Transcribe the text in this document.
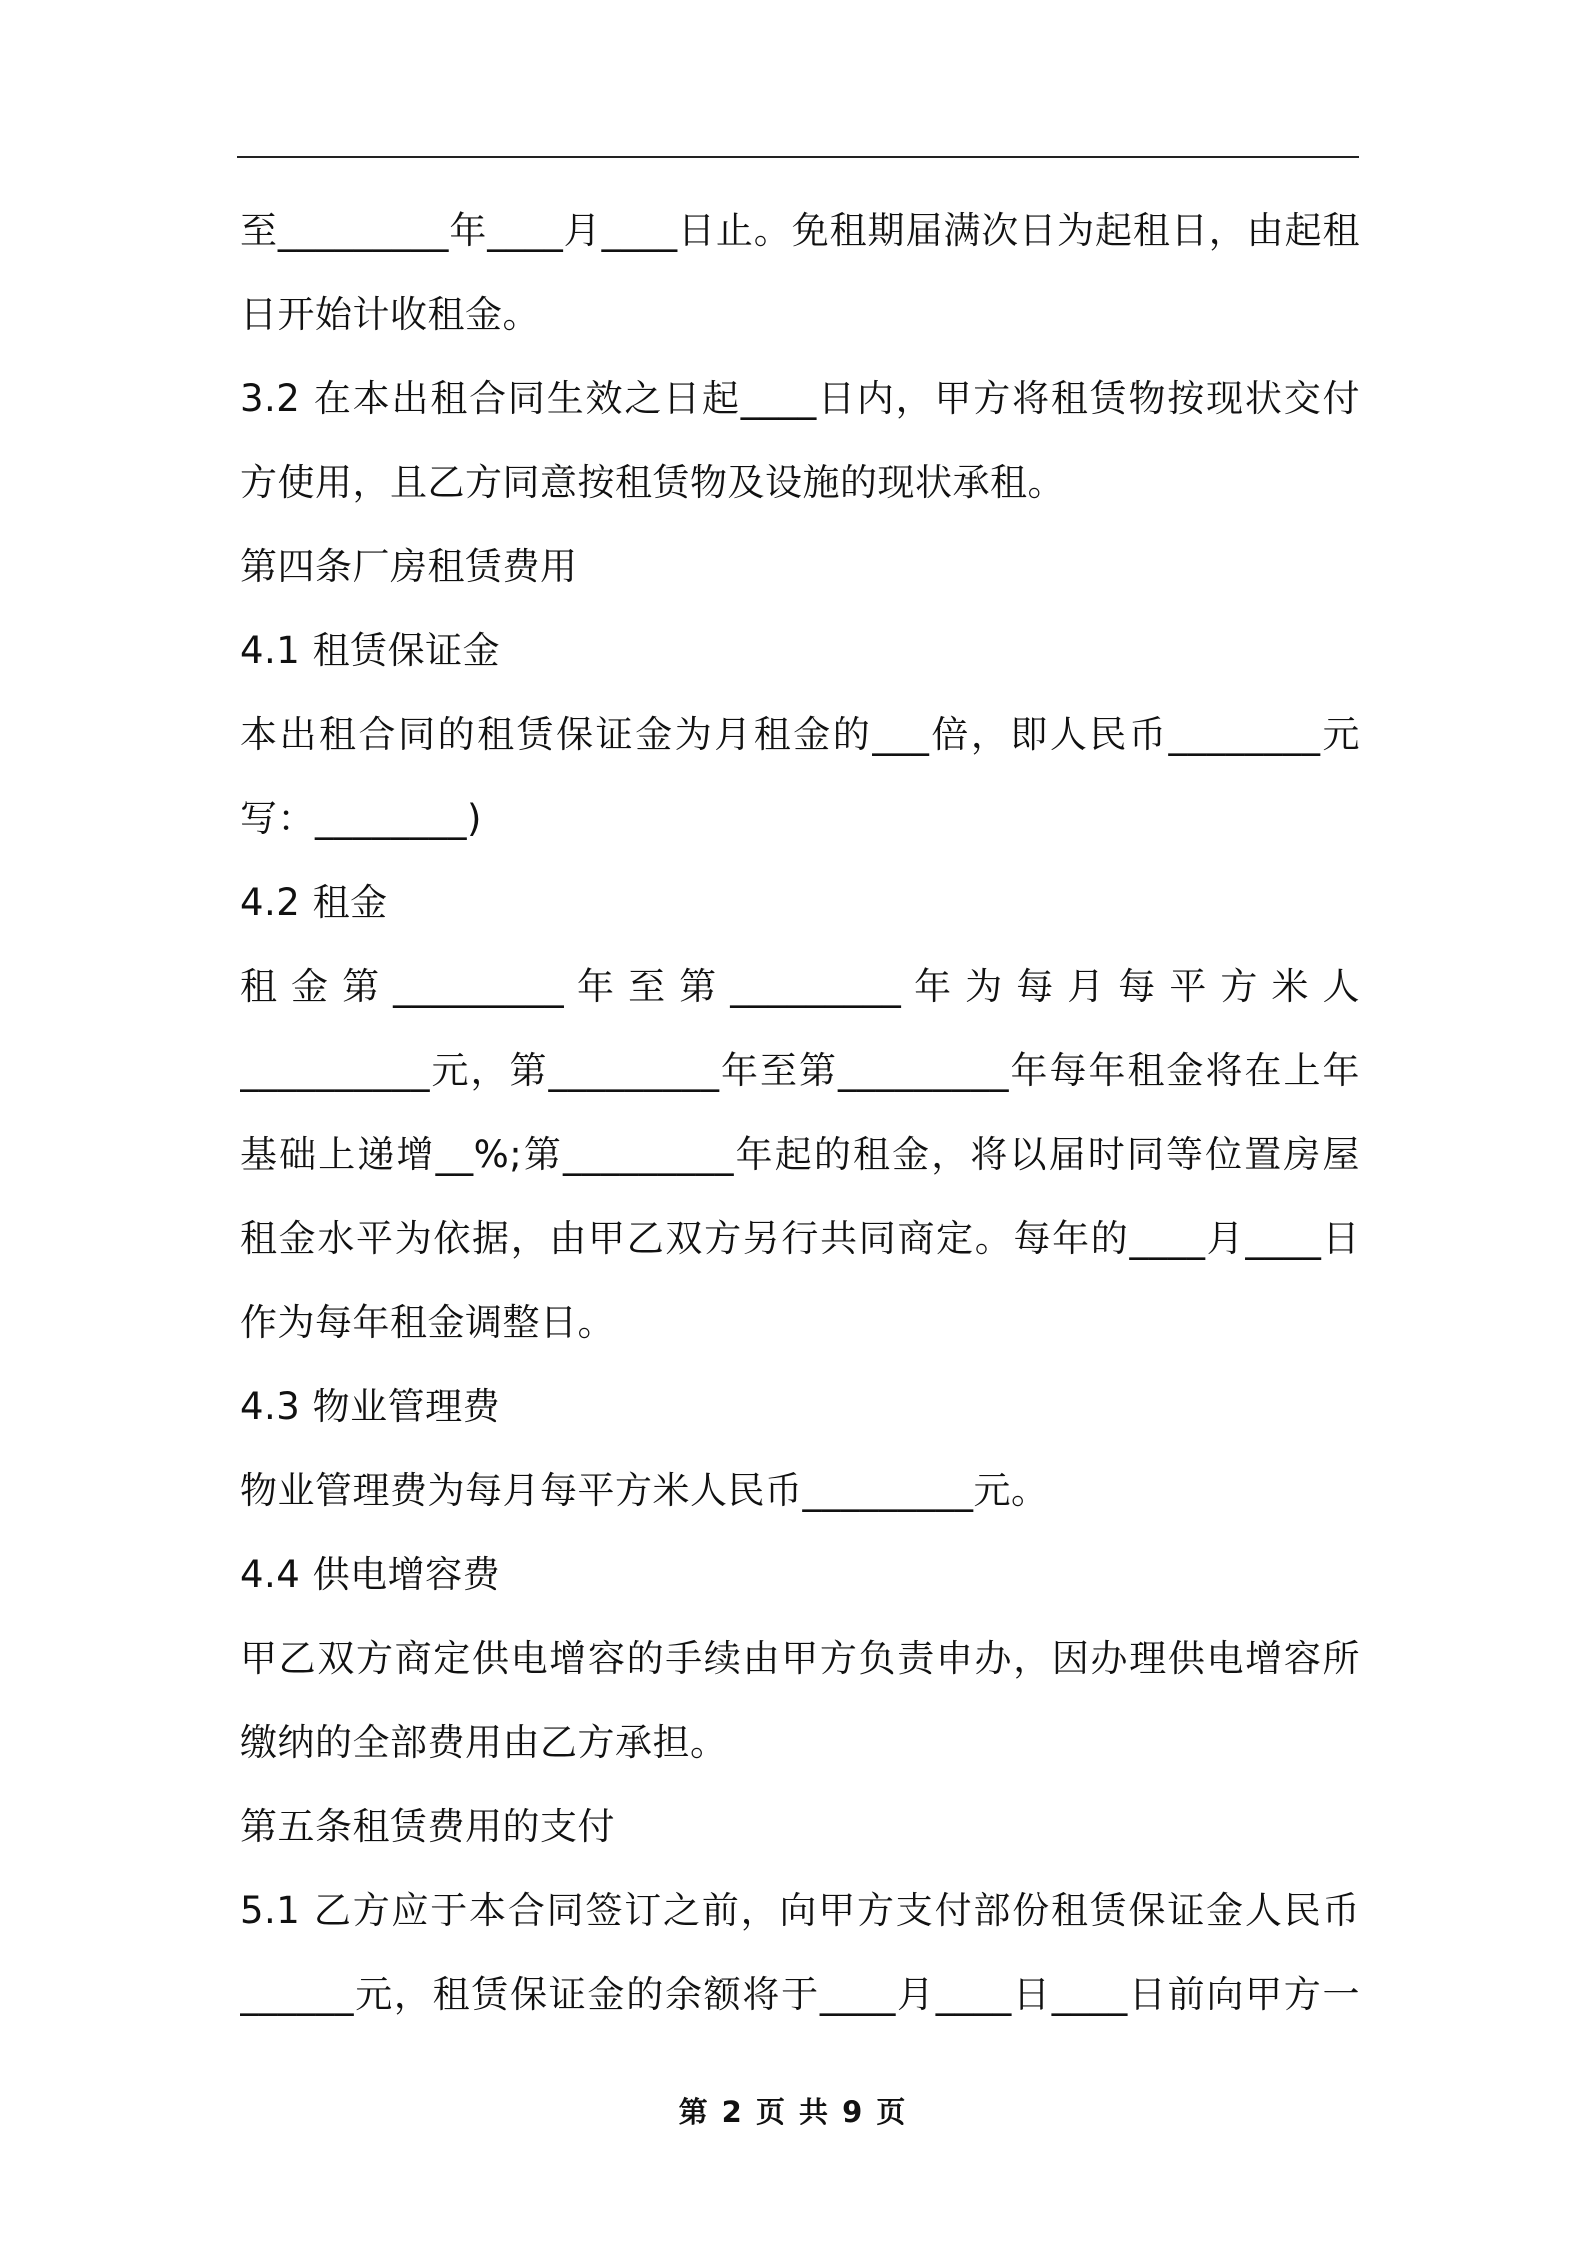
至_________年____月____日止。免租期届满次日为起租日，由起租
日开始计收租金。
3.2 在本出租合同生效之日起____日内，甲方将租赁物按现状交付
方使用，且乙方同意按租赁物及设施的现状承租。
第四条厂房租赁费用
4.1 租赁保证金
本出租合同的租赁保证金为月租金的___倍，即人民币________元
写：________)
4.2 租金
租 金 第 _________ 年 至 第 _________ 年 为 每 月 每 平 方 米 人
__________元，第_________年至第_________年每年租金将在上年
基础上递增__%;第_________年起的租金，将以届时同等位置房屋
租金水平为依据，由甲乙双方另行共同商定。每年的____月____日
作为每年租金调整日。
4.3 物业管理费
物业管理费为每月每平方米人民币_________元。
4.4 供电增容费
甲乙双方商定供电增容的手续由甲方负责申办，因办理供电增容所
缴纳的全部费用由乙方承担。
第五条租赁费用的支付
5.1 乙方应于本合同签订之前，向甲方支付部份租赁保证金人民币
______元，租赁保证金的余额将于____月____日____日前向甲方一
第 2 页 共 9 页
